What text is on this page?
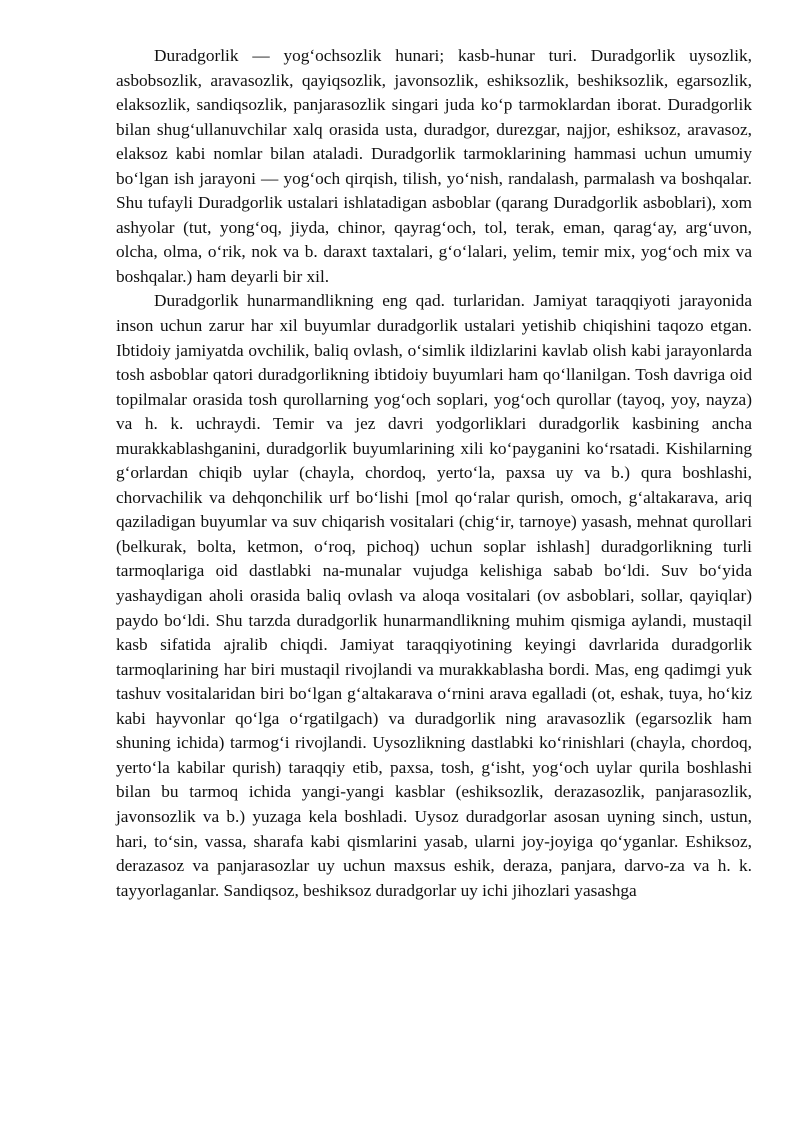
Duradgorlik — yog‘ochsozlik hunari; kasb-hunar turi. Duradgorlik uysozlik, asbobsozlik, aravasozlik, qayiqsozlik, javonsozlik, eshiksozlik, beshiksozlik, egarsozlik, elaksozlik, sandiqsozlik, panjarasozlik singari juda ko‘p tarmoklardan iborat. Duradgorlik bilan shug‘ullanuvchilar xalq orasida usta, duradgor, durezgar, najjor, eshiksoz, aravasoz, elaksoz kabi nomlar bilan ataladi. Duradgorlik tarmoklarining hammasi uchun umumiy bo‘lgan ish jarayoni — yog‘och qirqish, tilish, yo‘nish, randalash, parmalash va boshqalar. Shu tufayli Duradgorlik ustalari ishlatadigan asboblar (qarang Duradgorlik asboblari), xom ashyolar (tut, yong‘oq, jiyda, chinor, qayrag‘och, tol, terak, eman, qarag‘ay, arg‘uvon, olcha, olma, o‘rik, nok va b. daraxt taxtalari, g‘o‘lalari, yelim, temir mix, yog‘och mix va boshqalar.) ham deyarli bir xil.

Duradgorlik hunarmandlikning eng qad. turlaridan. Jamiyat taraqqiyoti jarayonida inson uchun zarur har xil buyumlar duradgorlik ustalari yetishib chiqishini taqozo etgan. Ibtidoiy jamiyatda ovchilik, baliq ovlash, o‘simlik ildizlarini kavlab olish kabi jarayonlarda tosh asboblar qatori duradgorlikning ibtidoiy buyumlari ham qo‘llanilgan. Tosh davriga oid topilmalar orasida tosh qurollarning yog‘och soplari, yog‘och qurollar (tayoq, yoy, nayza) va h. k. uchraydi. Temir va jez davri yodgorliklari duradgorlik kasbining ancha murakkablashganini, duradgorlik buyumlarining xili ko‘payganini ko‘rsatadi. Kishilarning g‘orlardan chiqib uylar (chayla, chordoq, yerto‘la, paxsa uy va b.) qura boshlashi, chorvachilik va dehqonchilik urf bo‘lishi [mol qo‘ralar qurish, omoch, g‘altakarava, ariq qaziladigan buyumlar va suv chiqarish vositalari (chig‘ir, tarnoye) yasash, mehnat qurollari (belkurak, bolta, ketmon, o‘roq, pichoq) uchun soplar ishlash] duradgorlikning turli tarmoqlariga oid dastlabki na-munalar vujudga kelishiga sabab bo‘ldi. Suv bo‘yida yashaydigan aholi orasida baliq ovlash va aloqa vositalari (ov asboblari, sollar, qayiqlar) paydo bo‘ldi. Shu tarzda duradgorlik hunarmandlikning muhim qismiga aylandi, mustaqil kasb sifatida ajralib chiqdi. Jamiyat taraqqiyotining keyingi davrlarida duradgorlik tarmoqlarining har biri mustaqil rivojlandi va murakkablasha bordi. Mas, eng qadimgi yuk tashuv vositalaridan biri bo‘lgan g‘altakarava o‘rnini arava egalladi (ot, eshak, tuya, ho‘kiz kabi hayvonlar qo‘lga o‘rgatilgach) va duradgorlik ning aravasozlik (egarsozlik ham shuning ichida) tarmog‘i rivojlandi. Uysozlikning dastlabki ko‘rinishlari (chayla, chordoq, yerto‘la kabilar qurish) taraqqiy etib, paxsa, tosh, g‘isht, yog‘och uylar qurila boshlashi bilan bu tarmoq ichida yangi-yangi kasblar (eshiksozlik, derazasozlik, panjarasozlik, javonsozlik va b.) yuzaga kela boshladi. Uysoz duradgorlar asosan uyning sinch, ustun, hari, to‘sin, vassa, sharafa kabi qismlarini yasab, ularni joy-joyiga qo‘yganlar. Eshiksoz, derazasoz va panjarasozlar uy uchun maxsus eshik, deraza, panjara, darvo-za va h. k. tayyorlaganlar. Sandiqsoz, beshiksoz duradgorlar uy ichi jihozlari yasashga
